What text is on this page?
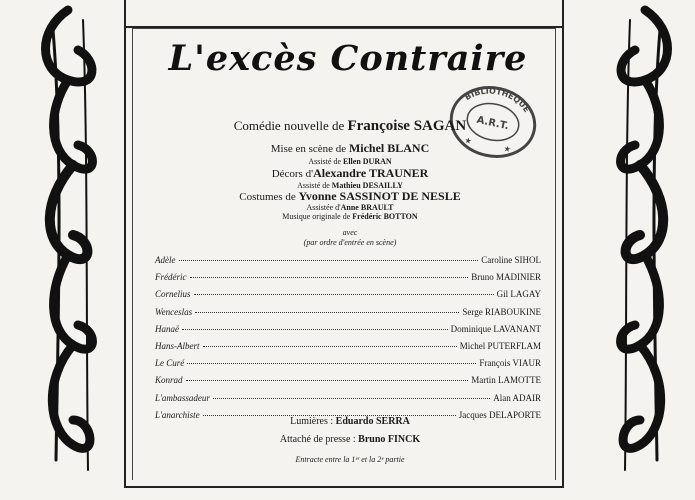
L'excès Contraire
BIBLIOTHÈQUE
A.R.T.
★
★
Comédie nouvelle de Françoise SAGAN
Mise en scène de Michel BLANC
Assisté de Ellen DURAN
Décors d'Alexandre TRAUNER
Assisté de Mathieu DESAILLY
Costumes de Yvonne SASSINOT DE NESLE
Assistée d'Anne BRAULT
Musique originale de Frédéric BOTTON
avec
(par ordre d'entrée en scène)
Adèle	Caroline SIHOL
Frédéric	Bruno MADINIER
Cornelius	Gil LAGAY
Wenceslas	Serge RIABOUKINE
Hanaë	Dominique LAVANANT
Hans-Albert	Michel PUTERFLAM
Le Curé	François VIAUR
Konrad	Martin LAMOTTE
L'ambassadeur	Alan ADAIR
L'anarchiste	Jacques DELAPORTE
Lumières : Eduardo SERRA
Attaché de presse : Bruno FINCK
Entracte entre la 1ᵉʳ et la 2ᵉ partie
